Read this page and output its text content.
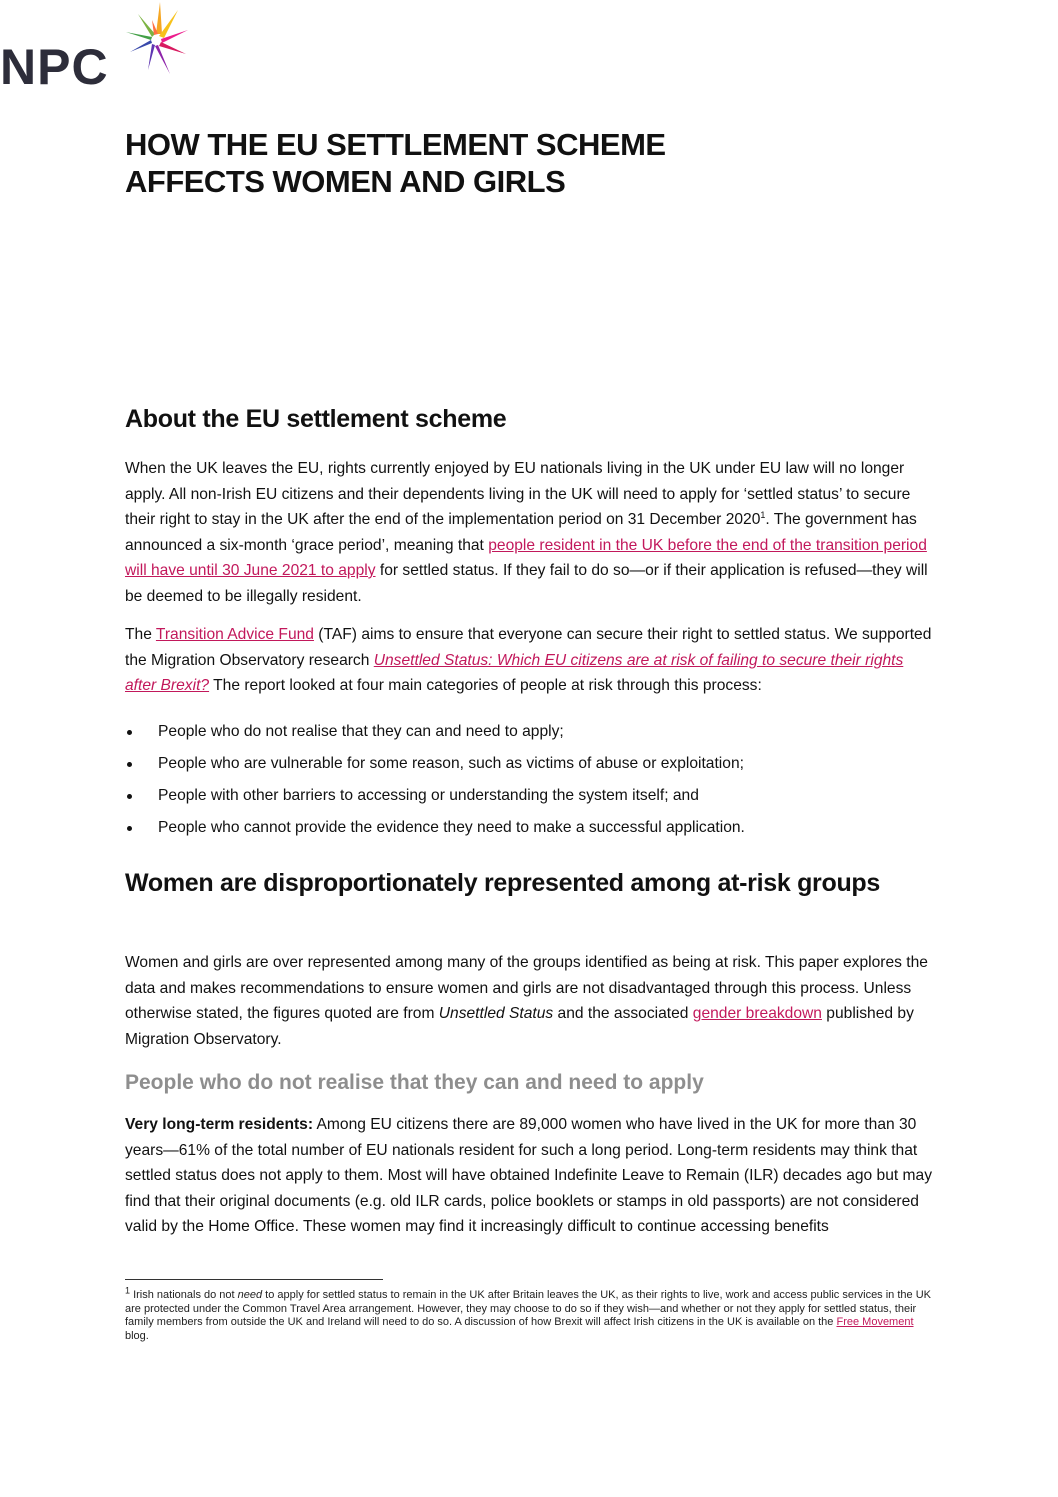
NPC
HOW THE EU SETTLEMENT SCHEME
AFFECTS WOMEN AND GIRLS
About the EU settlement scheme

When the UK leaves the EU, rights currently enjoyed by EU nationals living in the UK under EU law will no longer apply. All non-Irish EU citizens and their dependents living in the UK will need to apply for ‘settled status’ to secure their right to stay in the UK after the end of the implementation period on 31 December 2020$^1$. The government has announced a six-month ‘grace period’, meaning that people resident in the UK before the end of the transition period will have until 30 June 2021 to apply for settled status. If they fail to do so—or if their application is refused—they will be deemed to be illegally resident.

The Transition Advice Fund (TAF) aims to ensure that everyone can secure their right to settled status. We supported the Migration Observatory research Unsettled Status: Which EU citizens are at risk of failing to secure their rights after Brexit? The report looked at four main categories of people at risk through this process:

People who do not realise that they can and need to apply;
People who are vulnerable for some reason, such as victims of abuse or exploitation;
People with other barriers to accessing or understanding the system itself; and
People who cannot provide the evidence they need to make a successful application.
Women are disproportionately represented among at-risk groups

Women and girls are over represented among many of the groups identified as being at risk. This paper explores the data and makes recommendations to ensure women and girls are not disadvantaged through this process. Unless otherwise stated, the figures quoted are from Unsettled Status and the associated gender breakdown published by Migration Observatory.

People who do not realise that they can and need to apply

Very long-term residents: Among EU citizens there are 89,000 women who have lived in the UK for more than 30 years—61% of the total number of EU nationals resident for such a long period. Long-term residents may think that settled status does not apply to them. Most will have obtained Indefinite Leave to Remain (ILR) decades ago but may find that their original documents (e.g. old ILR cards, police booklets or stamps in old passports) are not considered valid by the Home Office. These women may find it increasingly difficult to continue accessing benefits

$^1$ Irish nationals do not need to apply for settled status to remain in the UK after Britain leaves the UK, as their rights to live, work and access public services in the UK are protected under the Common Travel Area arrangement. However, they may choose to do so if they wish—and whether or not they apply for settled status, their family members from outside the UK and Ireland will need to do so. A discussion of how Brexit will affect Irish citizens in the UK is available on the Free Movement blog.
